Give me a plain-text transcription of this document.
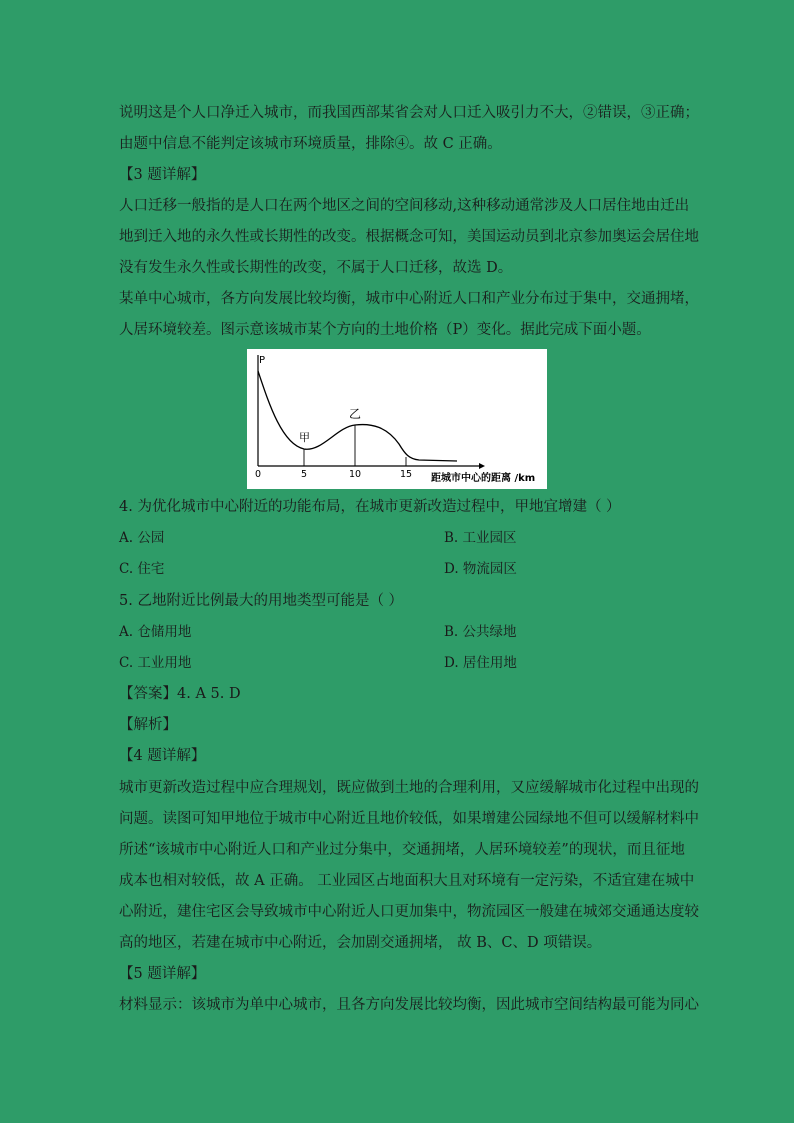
说明这是个人口净迁入城市，而我国西部某省会对人口迁入吸引力不大，②错误，③正确；
由题中信息不能判定该城市环境质量，排除④。故 C 正确。
【3 题详解】
人口迁移一般指的是人口在两个地区之间的空间移动,这种移动通常涉及人口居住地由迁出
地到迁入地的永久性或长期性的改变。根据概念可知，美国运动员到北京参加奥运会居住地
没有发生永久性或长期性的改变，不属于人口迁移，故选 D。
某单中心城市，各方向发展比较均衡，城市中心附近人口和产业分布过于集中，交通拥堵，
人居环境较差。图示意该城市某个方向的土地价格（P）变化。据此完成下面小题。
P
甲
乙
0	5	10	15 距城市中心的距离 /km
4. 为优化城市中心附近的功能布局，在城市更新改造过程中，甲地宜增建（ ）
A. 公园	B. 工业园区
C. 住宅	D. 物流园区
5. 乙地附近比例最大的用地类型可能是（ ）
A. 仓储用地	B. 公共绿地
C. 工业用地	D. 居住用地
【答案】4. A 5. D
【解析】
【4 题详解】
城市更新改造过程中应合理规划，既应做到土地的合理利用，又应缓解城市化过程中出现的
问题。读图可知甲地位于城市中心附近且地价较低，如果增建公园绿地不但可以缓解材料中
所述“该城市中心附近人口和产业过分集中，交通拥堵，人居环境较差”的现状，而且征地
成本也相对较低，故 A 正确。 工业园区占地面积大且对环境有一定污染，不适宜建在城中
心附近，建住宅区会导致城市中心附近人口更加集中，物流园区一般建在城郊交通通达度较
高的地区，若建在城市中心附近，会加剧交通拥堵， 故 B、C、D 项错误。
【5 题详解】
材料显示：该城市为单中心城市，且各方向发展比较均衡，因此城市空间结构最可能为同心
